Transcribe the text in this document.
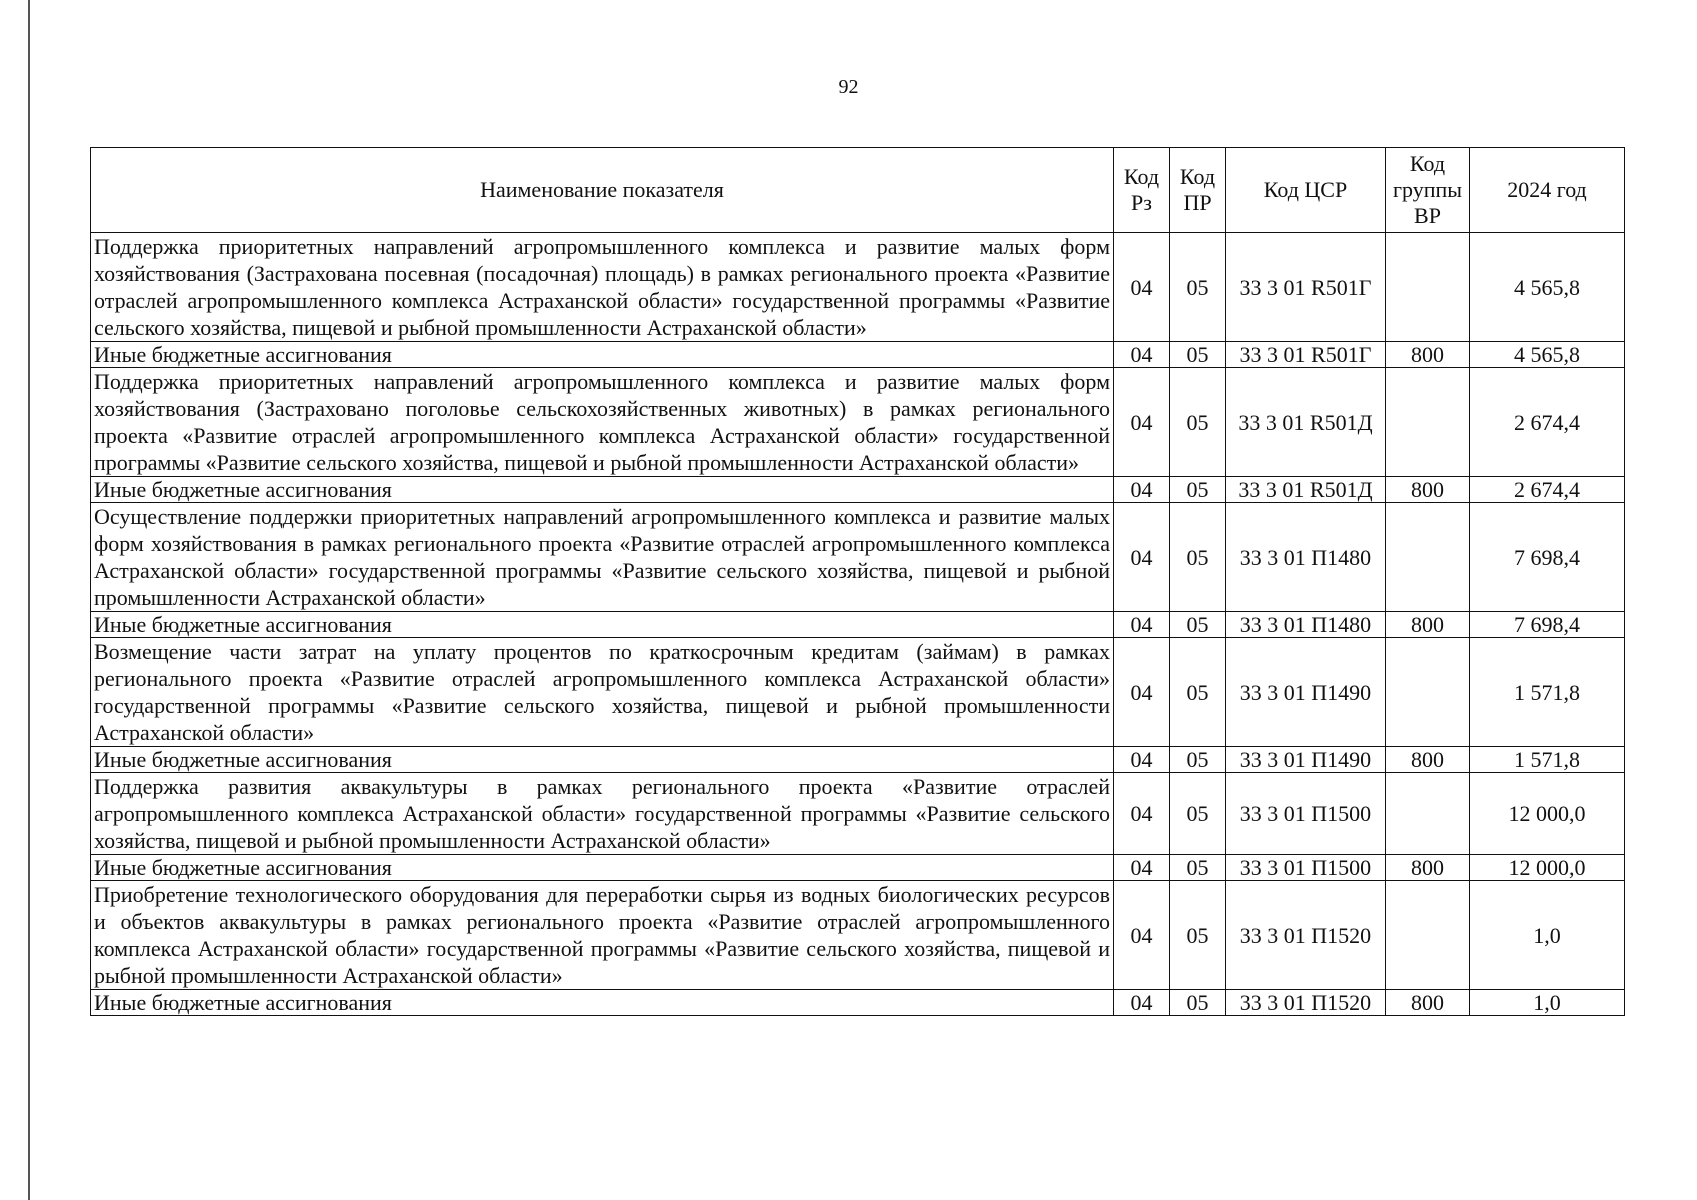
92
Наименование показателя	Код Рз	Код ПР	Код ЦСР	Код группы ВР	2024 год
Поддержка приоритетных направлений агропромышленного комплекса и развитие малых форм хозяйствования (Застрахована посевная (посадочная) площадь) в рамках регионального проекта «Развитие отраслей агропромышленного комплекса Астраханской области» государственной программы «Развитие сельского хозяйства, пищевой и рыбной промышленности Астраханской области»	04	05	33 3 01 R501Г		4 565,8
Иные бюджетные ассигнования	04	05	33 3 01 R501Г	800	4 565,8
Поддержка приоритетных направлений агропромышленного комплекса и развитие малых форм хозяйствования (Застраховано поголовье сельскохозяйственных животных) в рамках регионального проекта «Развитие отраслей агропромышленного комплекса Астраханской области» государственной программы «Развитие сельского хозяйства, пищевой и рыбной промышленности Астраханской области»	04	05	33 3 01 R501Д		2 674,4
Иные бюджетные ассигнования	04	05	33 3 01 R501Д	800	2 674,4
Осуществление поддержки приоритетных направлений агропромышленного комплекса и развитие малых форм хозяйствования в рамках регионального проекта «Развитие отраслей агропромышленного комплекса Астраханской области» государственной программы «Развитие сельского хозяйства, пищевой и рыбной промышленности Астраханской области»	04	05	33 3 01 П1480		7 698,4
Иные бюджетные ассигнования	04	05	33 3 01 П1480	800	7 698,4
Возмещение части затрат на уплату процентов по краткосрочным кредитам (займам) в рамках регионального проекта «Развитие отраслей агропромышленного комплекса Астраханской области» государственной программы «Развитие сельского хозяйства, пищевой и рыбной промышленности Астраханской области»	04	05	33 3 01 П1490		1 571,8
Иные бюджетные ассигнования	04	05	33 3 01 П1490	800	1 571,8
Поддержка развития аквакультуры в рамках регионального проекта «Развитие отраслей агропромышленного комплекса Астраханской области» государственной программы «Развитие сельского хозяйства, пищевой и рыбной промышленности Астраханской области»	04	05	33 3 01 П1500		12 000,0
Иные бюджетные ассигнования	04	05	33 3 01 П1500	800	12 000,0
Приобретение технологического оборудования для переработки сырья из водных биологических ресурсов и объектов аквакультуры в рамках регионального проекта «Развитие отраслей агропромышленного комплекса Астраханской области» государственной программы «Развитие сельского хозяйства, пищевой и рыбной промышленности Астраханской области»	04	05	33 3 01 П1520		1,0
Иные бюджетные ассигнования	04	05	33 3 01 П1520	800	1,0
